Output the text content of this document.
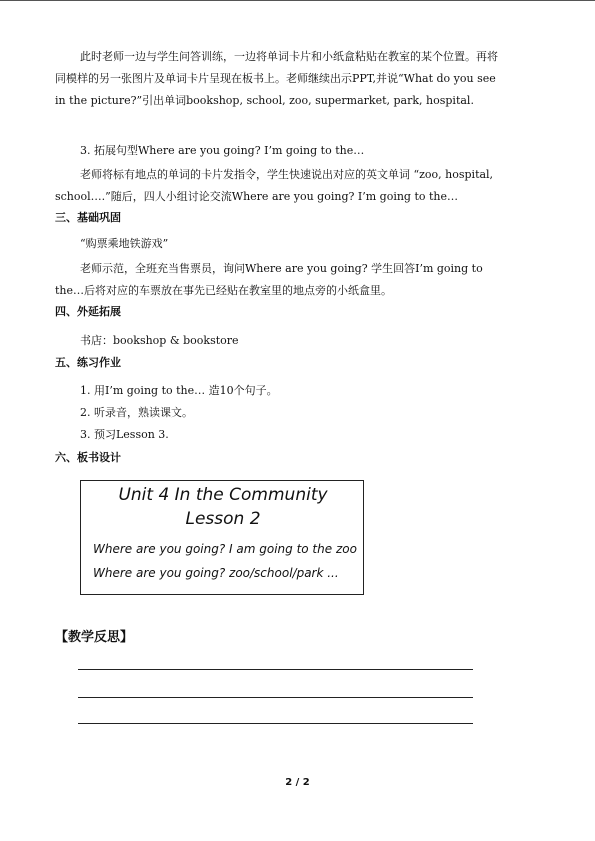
此时老师一边与学生问答训练，一边将单词卡片和小纸盒粘贴在教室的某个位置。再将

同模样的另一张图片及单词卡片呈现在板书上。老师继续出示PPT,并说“What do you see

in the picture?”引出单词bookshop, school, zoo, supermarket, park, hospital.

3. 拓展句型Where are you going? I’m going to the…

老师将标有地点的单词的卡片发指令，学生快速说出对应的英文单词 “zoo, hospital,

school….”随后，四人小组讨论交流Where are you going? I’m going to the…

三、基础巩固

“购票乘地铁游戏”

老师示范，全班充当售票员，询问Where are you going? 学生回答I’m going to

the…后将对应的车票放在事先已经贴在教室里的地点旁的小纸盒里。

四、外延拓展

书店：bookshop & bookstore

五、练习作业

1. 用I’m going to the… 造10个句子。

2. 听录音，熟读课文。

3. 预习Lesson 3.

六、板书设计
Unit 4 In the Community
Lesson 2
Where are you going? I am going to the zoo
Where are you going? zoo/school/park ...
【教学反思】
2 / 2
